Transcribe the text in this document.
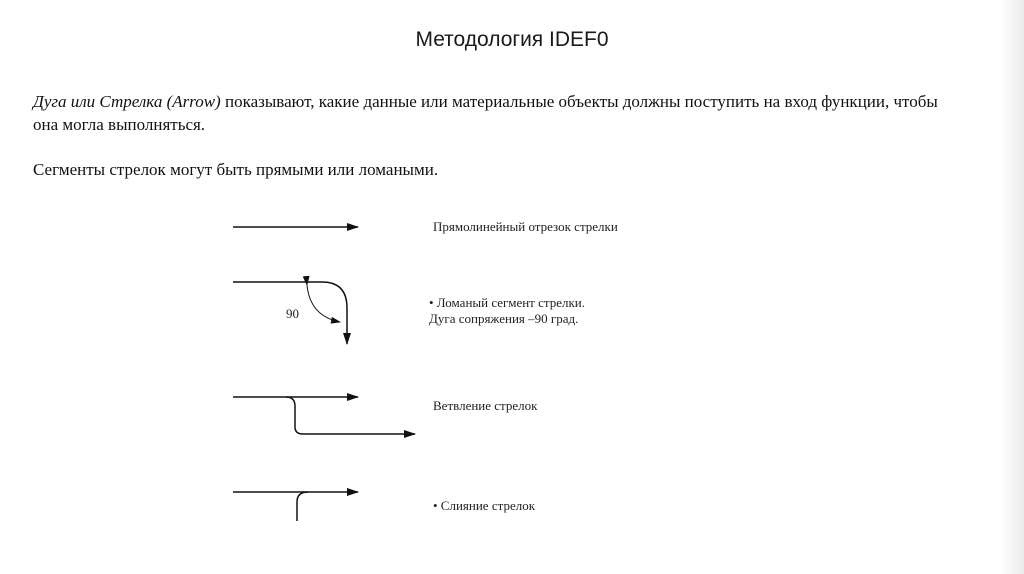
Методология IDEF0
Дуга или Стрелка (Arrow) показывают, какие данные или материальные объекты должны поступить на вход функции, чтобы она могла выполняться.
Сегменты стрелок могут быть прямыми или ломаными.
Прямолинейный отрезок стрелки
• Ломаный сегмент стрелки.
Дуга сопряжения –90 град.
90
Ветвление стрелок
• Слияние стрелок
